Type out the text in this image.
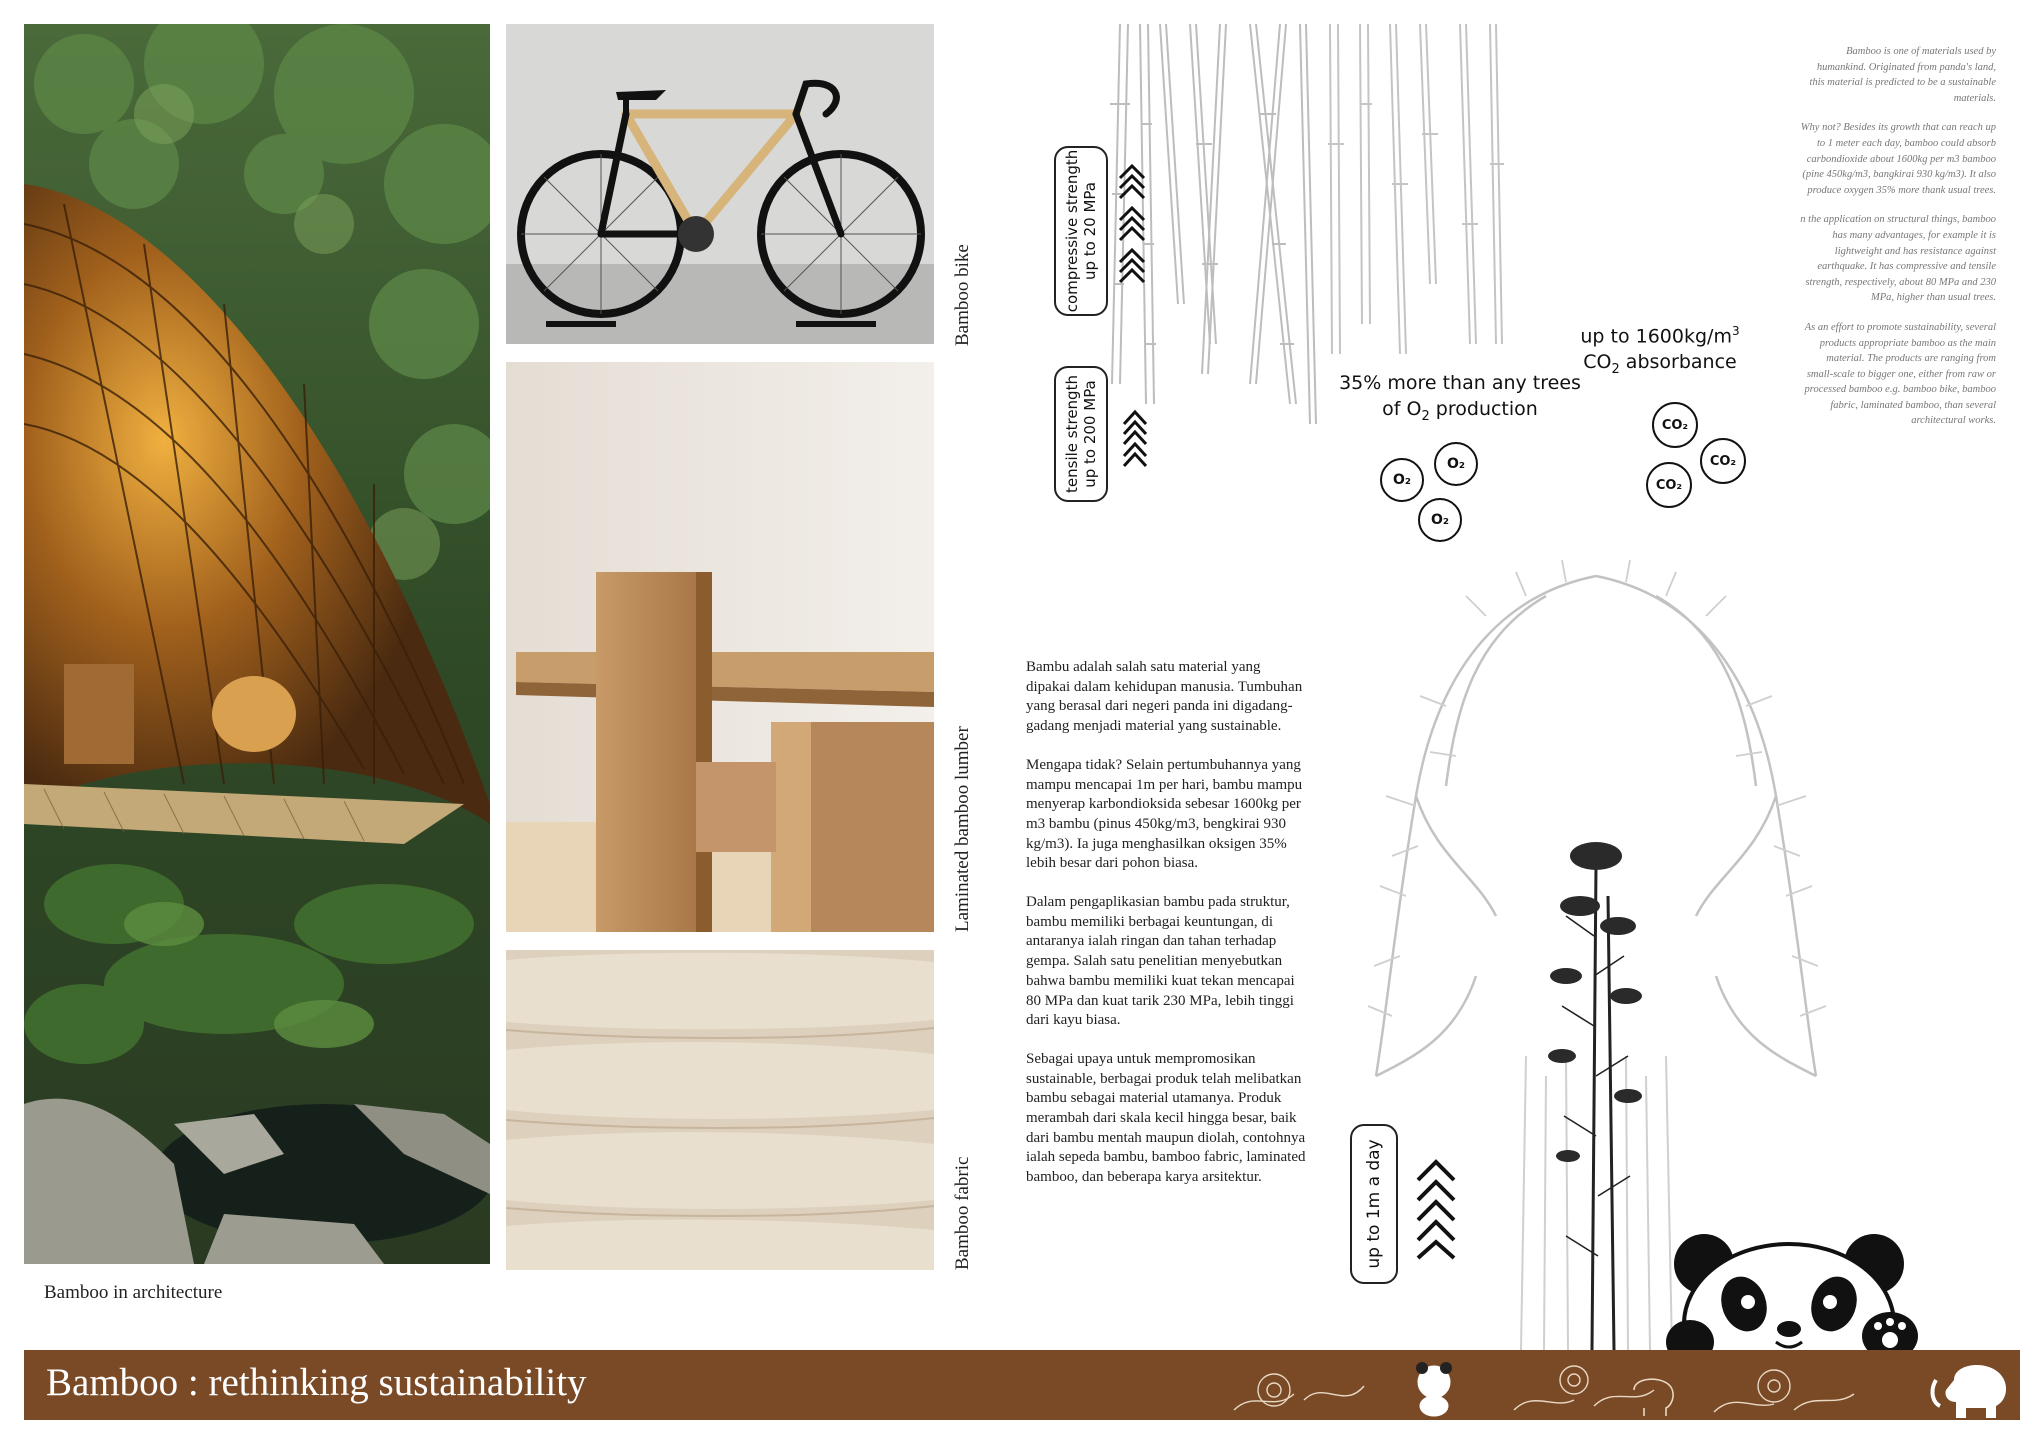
Bamboo in architecture
Bamboo bike
Laminated bamboo lumber
Bamboo fabric
compressive strength
up to 20 MPa
tensile strength
up to 200 MPa	35% more than any trees
of $O_2$ production
O₂
O₂
O₂
up to $1600kg/m^3$
$CO_2$ absorbance
CO₂
CO₂
CO₂

Bamboo is one of materials used by humankind. Originated from panda's land, this material is predicted to be a sustainable materials.

Why not? Besides its growth that can reach up to 1 meter each day, bamboo could absorb carbondioxide about 1600kg per m3 bamboo (pine 450kg/m3, bangkirai 930 kg/m3). It also produce oxygen 35% more thank usual trees.

n the application on structural things, bamboo has many advantages, for example it is lightweight and has resistance against earthquake. It has compressive and tensile strength, respectively, about 80 MPa and 230 MPa, higher than usual trees.

As an effort to promote sustainability, several products appropriate bamboo as the main material. The products are ranging from small-scale to bigger one, either from raw or processed bamboo e.g. bamboo bike, bamboo fabric, laminated bamboo, than several architectural works.

Bambu adalah salah satu material yang dipakai dalam kehidupan manusia. Tumbuhan yang berasal dari negeri panda ini digadang-gadang menjadi material yang sustainable.

Mengapa tidak? Selain pertumbuhannya yang mampu mencapai 1m per hari, bambu mampu menyerap karbondioksida sebesar 1600kg per m3 bambu (pinus 450kg/m3, bengkirai 930 kg/m3). Ia juga menghasilkan oksigen 35% lebih besar dari pohon biasa.

Dalam pengaplikasian bambu pada struktur, bambu memiliki berbagai keuntungan, di antaranya ialah ringan dan tahan terhadap gempa. Salah satu penelitian menyebutkan bahwa bambu memiliki kuat tekan mencapai 80 MPa dan kuat tarik 230 MPa, lebih tinggi dari kayu biasa.

Sebagai upaya untuk mempromosikan sustainable, berbagai produk telah melibatkan bambu sebagai material utamanya. Produk merambah dari skala kecil hingga besar, baik dari bambu mentah maupun diolah, contohnya ialah sepeda bambu, bamboo fabric, laminated bamboo, dan beberapa karya arsitektur.	up to 1m a day
Bamboo : rethinking sustainability
